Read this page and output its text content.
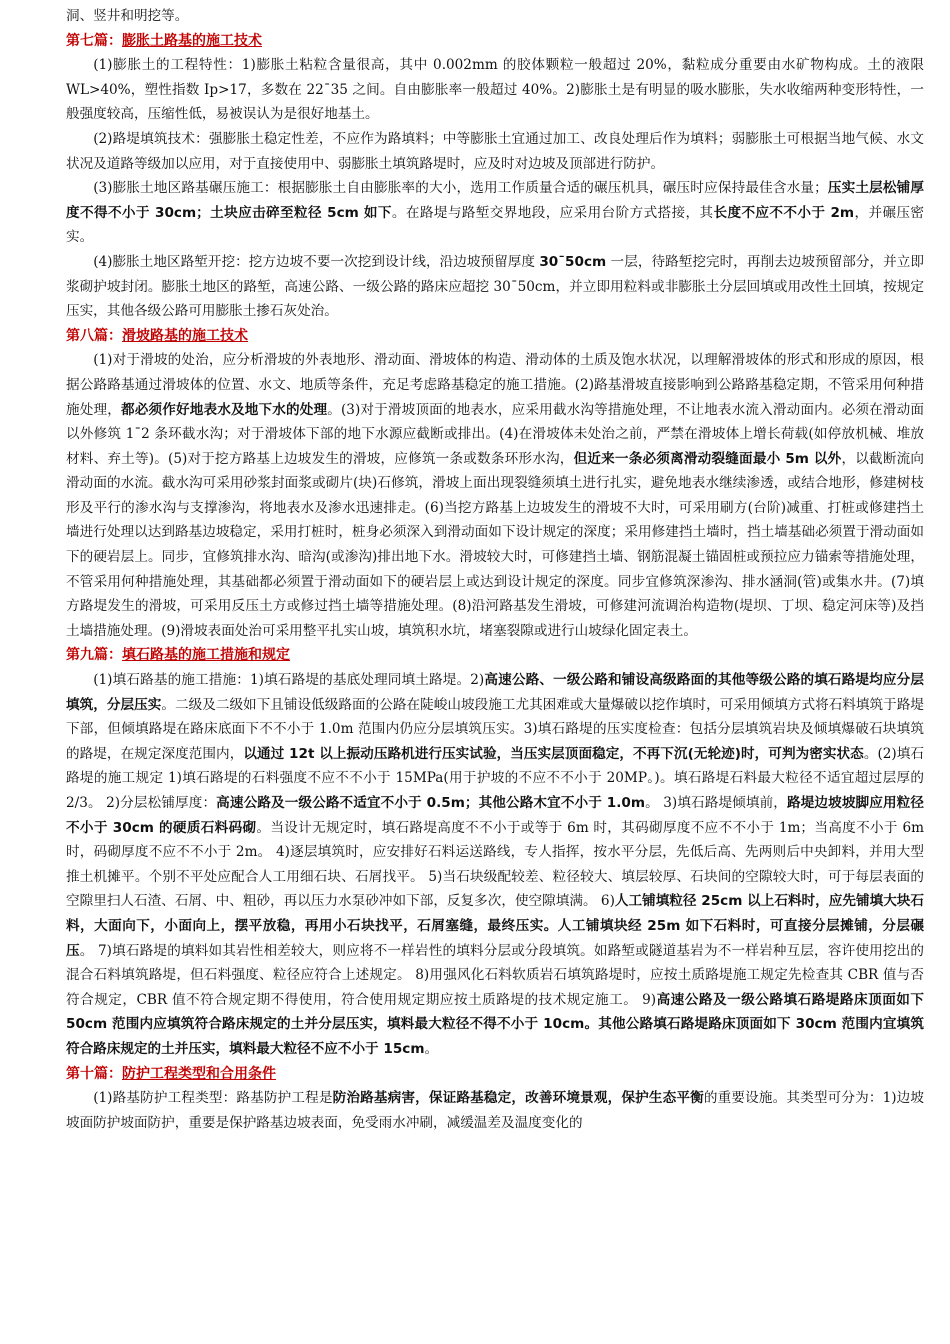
洞、竖井和明挖等。

第七篇：膨胀土路基的施工技术

(1)膨胀土的工程特性：1)膨胀土粘粒含量很高，其中 0.002mm 的胶体颗粒一般超过 20%，黏粒成分重要由水矿物构成。土的液限 WL>40%，塑性指数 Ip>17，多数在 22¯35 之间。自由膨胀率一般超过 40%。2)膨胀土是有明显的吸水膨胀，失水收缩两种变形特性，一般强度较高，压缩性低，易被误认为是很好地基土。

(2)路堤填筑技术：强膨胀土稳定性差，不应作为路填料；中等膨胀土宜通过加工、改良处理后作为填料；弱膨胀土可根据当地气候、水文状况及道路等级加以应用，对于直接使用中、弱膨胀土填筑路堤时，应及时对边坡及顶部进行防护。

(3)膨胀土地区路基碾压施工：根据膨胀土自由膨胀率的大小，选用工作质量合适的碾压机具，碾压时应保持最佳含水量；压实土层松铺厚度不得不小于 30cm；土块应击碎至粒径 5cm 如下。在路堤与路堑交界地段，应采用台阶方式搭接，其长度不应不不小于 2m，并碾压密实。

(4)膨胀土地区路堑开挖：挖方边坡不要一次挖到设计线，沿边坡预留厚度 30¯50cm 一层，待路堑挖完时，再削去边坡预留部分，并立即浆砌护坡封闭。膨胀土地区的路堑，高速公路、一级公路的路床应超挖 30¯50cm，并立即用粒料或非膨胀土分层回填或用改性土回填，按规定压实，其他各级公路可用膨胀土掺石灰处治。

第八篇：滑坡路基的施工技术

(1)对于滑坡的处治，应分析滑坡的外表地形、滑动面、滑坡体的构造、滑动体的土质及饱水状况，以理解滑坡体的形式和形成的原因，根据公路路基通过滑坡体的位置、水文、地质等条件，充足考虑路基稳定的施工措施。(2)路基滑坡直接影响到公路路基稳定期，不管采用何种措施处理，都必须作好地表水及地下水的处理。(3)对于滑坡顶面的地表水，应采用截水沟等措施处理，不让地表水流入滑动面内。必须在滑动面以外修筑 1¯2 条环截水沟；对于滑坡体下部的地下水源应截断或排出。(4)在滑坡体未处治之前，严禁在滑坡体上增长荷载(如停放机械、堆放材料、弃土等)。(5)对于挖方路基上边坡发生的滑坡，应修筑一条或数条环形水沟，但近来一条必须离滑动裂缝面最小 5m 以外，以截断流向滑动面的水流。截水沟可采用砂浆封面浆或砌片(块)石修筑，滑坡上面出现裂缝须填土进行扎实，避免地表水继续渗透，或结合地形，修建树枝形及平行的渗水沟与支撑渗沟，将地表水及渗水迅速排走。(6)当挖方路基上边坡发生的滑坡不大时，可采用刷方(台阶)减重、打桩或修建挡土墙进行处理以达到路基边坡稳定，采用打桩时，桩身必须深入到滑动面如下设计规定的深度；采用修建挡土墙时，挡土墙基础必须置于滑动面如下的硬岩层上。同步，宜修筑排水沟、暗沟(或渗沟)排出地下水。滑坡较大时，可修建挡土墙、钢筋混凝土锚固桩或预拉应力锚索等措施处理，不管采用何种措施处理，其基础都必须置于滑动面如下的硬岩层上或达到设计规定的深度。同步宜修筑深渗沟、排水涵洞(管)或集水井。(7)填方路堤发生的滑坡，可采用反压土方或修过挡土墙等措施处理。(8)沿河路基发生滑坡，可修建河流调治构造物(堤坝、丁坝、稳定河床等)及挡土墙措施处理。(9)滑坡表面处治可采用整平扎实山坡，填筑积水坑，堵塞裂隙或进行山坡绿化固定表土。

第九篇：填石路基的施工措施和规定

(1)填石路基的施工措施：1)填石路堤的基底处理同填土路堤。2)高速公路、一级公路和铺设高级路面的其他等级公路的填石路堤均应分层填筑，分层压实。二级及二级如下且铺设低级路面的公路在陡峻山坡段施工尤其困难或大量爆破以挖作填时，可采用倾填方式将石料填筑于路堤下部，但倾填路堤在路床底面下不不小于 1.0m 范围内仍应分层填筑压实。3)填石路堤的压实度检查：包括分层填筑岩块及倾填爆破石块填筑的路堤，在规定深度范围内，以通过 12t 以上振动压路机进行压实试验，当压实层顶面稳定，不再下沉(无轮迹)时，可判为密实状态。(2)填石路堤的施工规定 1)填石路堤的石料强度不应不不小于 15MPa(用于护坡的不应不不小于 20MP。)。填石路堤石料最大粒径不适宜超过层厚的 2/3。 2)分层松铺厚度：高速公路及一级公路不适宜不小于 0.5m；其他公路木宜不小于 1.0m。 3)填石路堤倾填前，路堤边坡坡脚应用粒径不小于 30cm 的硬质石料码砌。当设计无规定时，填石路堤高度不不小于或等于 6m 时，其码砌厚度不应不不小于 1m；当高度不小于 6m 时，码砌厚度不应不不小于 2m。 4)逐层填筑时，应安排好石料运送路线，专人指挥，按水平分层，先低后高、先两则后中央卸料，并用大型推土机摊平。个别不平处应配合人工用细石块、石屑找平。 5)当石块级配较差、粒径较大、填层较厚、石块间的空隙较大时，可于每层表面的空隙里扫人石渣、石屑、中、粗砂，再以压力水泵砂冲如下部，反复多次，使空隙填满。 6)人工铺填粒径 25cm 以上石料时，应先铺填大块石料，大面向下，小面向上，摆平放稳，再用小石块找平，石屑塞缝，最终压实。人工铺填块经 25m 如下石料时，可直接分层摊铺，分层碾压。 7)填石路堤的填料如其岩性相差较大，则应将不一样岩性的填料分层或分段填筑。如路堑或隧道基岩为不一样岩种互层，容许使用挖出的混合石料填筑路堤，但石料强度、粒径应符合上述规定。 8)用强风化石料软质岩石填筑路堤时，应按土质路堤施工规定先检查其 CBR 值与否符合规定，CBR 值不符合规定期不得使用，符合使用规定期应按土质路堤的技术规定施工。 9)高速公路及一级公路填石路堤路床顶面如下 50cm 范围内应填筑符合路床规定的土并分层压实，填料最大粒径不得不小于 10cm。其他公路填石路堤路床顶面如下 30cm 范围内宜填筑符合路床规定的土并压实，填料最大粒径不应不小于 15cm。

第十篇：防护工程类型和合用条件

(1)路基防护工程类型：路基防护工程是防治路基病害，保证路基稳定，改善环境景观，保护生态平衡的重要设施。其类型可分为：1)边坡坡面防护坡面防护，重要是保护路基边坡表面，免受雨水冲刷，减缓温差及温度变化的
